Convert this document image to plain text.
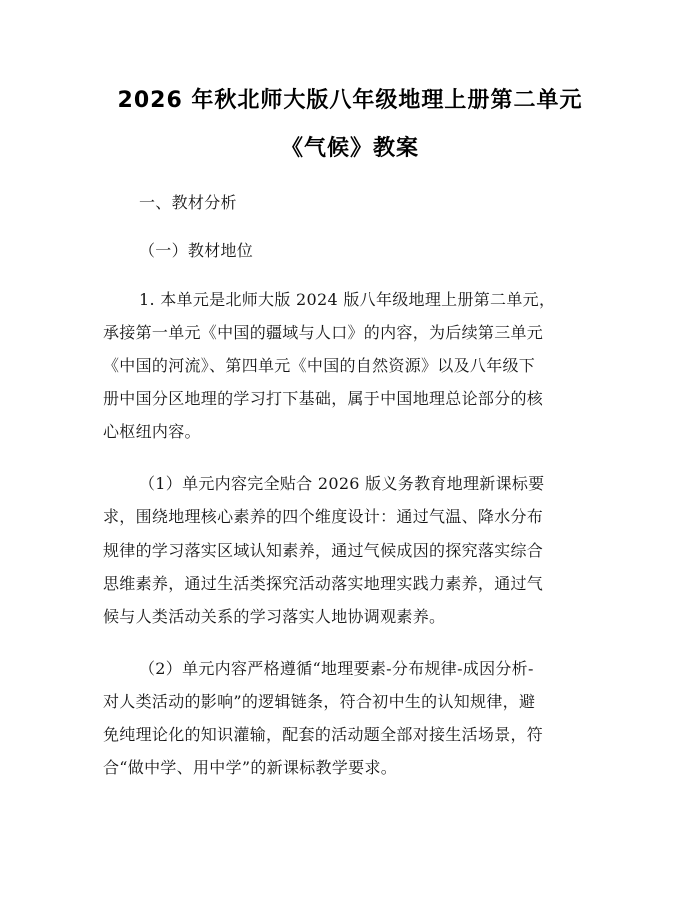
2026 年秋北师大版八年级地理上册第二单元
《气候》教案
一、教材分析
（一）教材地位
1. 本单元是北师大版 2024 版八年级地理上册第二单元，
承接第一单元《中国的疆域与人口》的内容，为后续第三单元
《中国的河流》、第四单元《中国的自然资源》以及八年级下
册中国分区地理的学习打下基础，属于中国地理总论部分的核
心枢纽内容。
（1）单元内容完全贴合 2026 版义务教育地理新课标要
求，围绕地理核心素养的四个维度设计：通过气温、降水分布
规律的学习落实区域认知素养，通过气候成因的探究落实综合
思维素养，通过生活类探究活动落实地理实践力素养，通过气
候与人类活动关系的学习落实人地协调观素养。
（2）单元内容严格遵循“地理要素-分布规律-成因分析-
对人类活动的影响”的逻辑链条，符合初中生的认知规律，避
免纯理论化的知识灌输，配套的活动题全部对接生活场景，符
合“做中学、用中学”的新课标教学要求。
